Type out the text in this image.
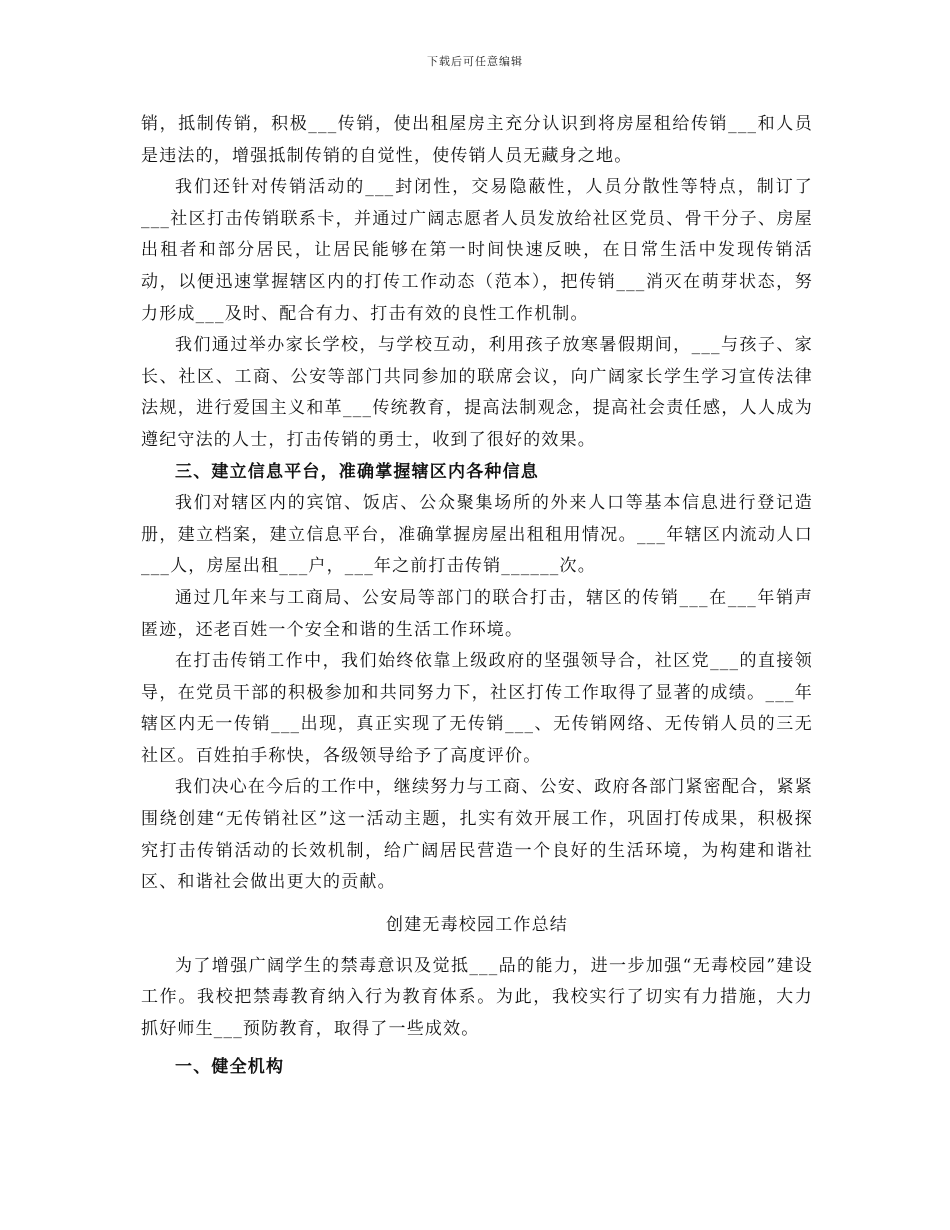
下载后可任意编辑

销，抵制传销，积极___传销，使出租屋房主充分认识到将房屋租给传销___和人员是违法的，增强抵制传销的自觉性，使传销人员无藏身之地。

我们还针对传销活动的___封闭性，交易隐蔽性，人员分散性等特点，制订了___社区打击传销联系卡，并通过广阔志愿者人员发放给社区党员、骨干分子、房屋出租者和部分居民，让居民能够在第一时间快速反映，在日常生活中发现传销活动，以便迅速掌握辖区内的打传工作动态（范本），把传销___消灭在萌芽状态，努力形成___及时、配合有力、打击有效的良性工作机制。

我们通过举办家长学校，与学校互动，利用孩子放寒暑假期间，___与孩子、家长、社区、工商、公安等部门共同参加的联席会议，向广阔家长学生学习宣传法律法规，进行爱国主义和革___传统教育，提高法制观念，提高社会责任感，人人成为遵纪守法的人士，打击传销的勇士，收到了很好的效果。

三、建立信息平台，准确掌握辖区内各种信息

我们对辖区内的宾馆、饭店、公众聚集场所的外来人口等基本信息进行登记造册，建立档案，建立信息平台，准确掌握房屋出租租用情况。___年辖区内流动人口___人，房屋出租___户，___年之前打击传销______次。

通过几年来与工商局、公安局等部门的联合打击，辖区的传销___在___年销声匿迹，还老百姓一个安全和谐的生活工作环境。

在打击传销工作中，我们始终依靠上级政府的坚强领导合，社区党___的直接领导，在党员干部的积极参加和共同努力下，社区打传工作取得了显著的成绩。___年辖区内无一传销___出现，真正实现了无传销___、无传销网络、无传销人员的三无社区。百姓拍手称快，各级领导给予了高度评价。

我们决心在今后的工作中，继续努力与工商、公安、政府各部门紧密配合，紧紧围绕创建“无传销社区”这一活动主题，扎实有效开展工作，巩固打传成果，积极探究打击传销活动的长效机制，给广阔居民营造一个良好的生活环境，为构建和谐社区、和谐社会做出更大的贡献。

创建无毒校园工作总结

为了增强广阔学生的禁毒意识及觉抵___品的能力，进一步加强“无毒校园”建设工作。我校把禁毒教育纳入行为教育体系。为此，我校实行了切实有力措施，大力抓好师生___预防教育，取得了一些成效。

一、健全机构
